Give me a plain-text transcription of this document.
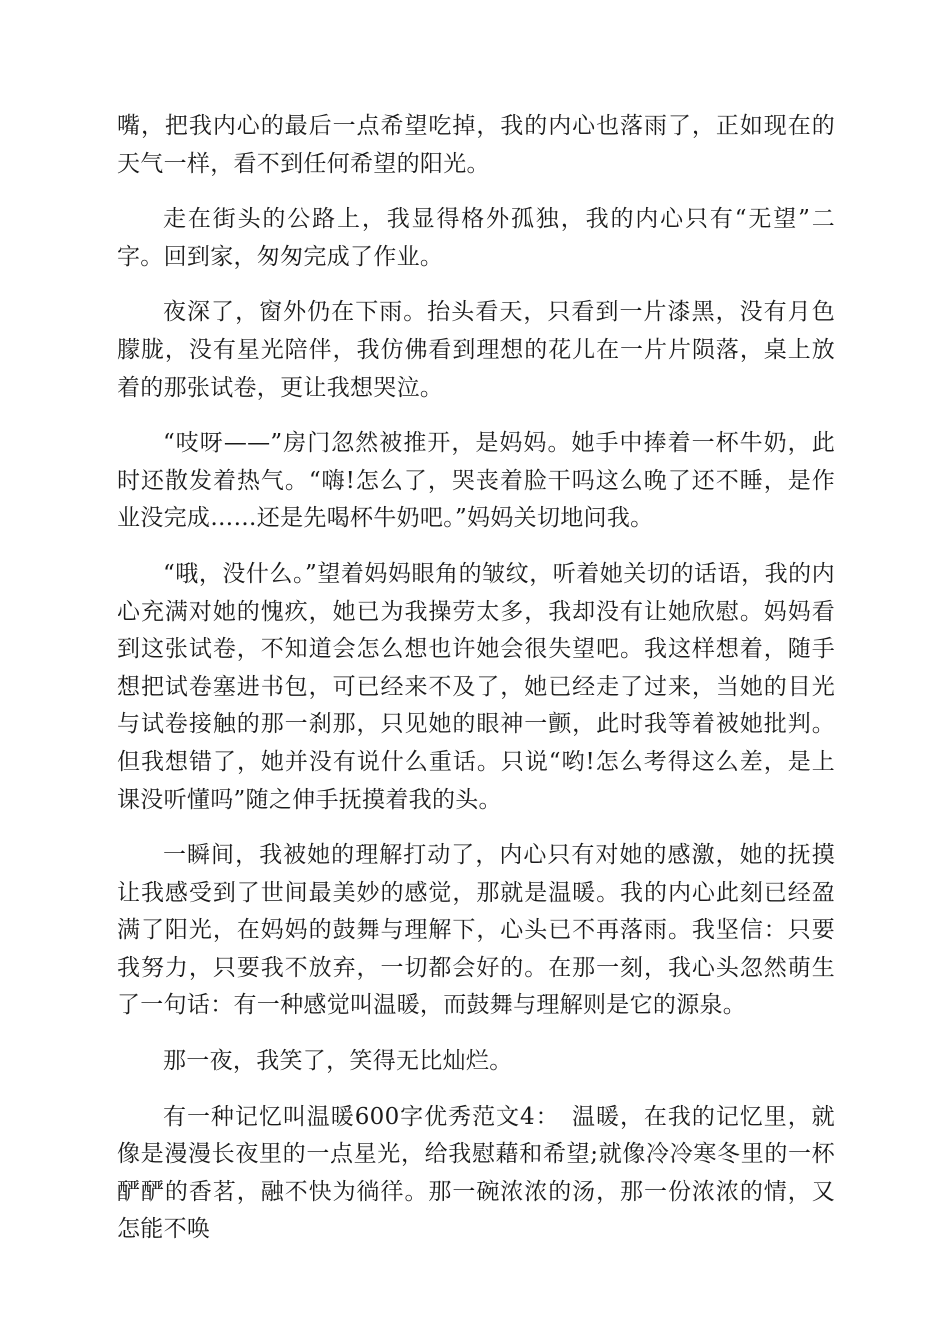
嘴，把我内心的最后一点希望吃掉，我的内心也落雨了，正如现在的天气一样，看不到任何希望的阳光。

走在街头的公路上，我显得格外孤独，我的内心只有“无望”二字。回到家，匆匆完成了作业。

夜深了，窗外仍在下雨。抬头看天，只看到一片漆黑，没有月色朦胧，没有星光陪伴，我仿佛看到理想的花儿在一片片陨落，桌上放着的那张试卷，更让我想哭泣。

“吱呀——”房门忽然被推开，是妈妈。她手中捧着一杯牛奶，此时还散发着热气。“嗨!怎么了，哭丧着脸干吗这么晚了还不睡，是作业没完成……还是先喝杯牛奶吧。”妈妈关切地问我。

“哦，没什么。”望着妈妈眼角的皱纹，听着她关切的话语，我的内心充满对她的愧疚，她已为我操劳太多，我却没有让她欣慰。妈妈看到这张试卷，不知道会怎么想也许她会很失望吧。我这样想着，随手想把试卷塞进书包，可已经来不及了，她已经走了过来，当她的目光与试卷接触的那一刹那，只见她的眼神一颤，此时我等着被她批判。但我想错了，她并没有说什么重话。只说“哟!怎么考得这么差，是上课没听懂吗”随之伸手抚摸着我的头。

一瞬间，我被她的理解打动了，内心只有对她的感激，她的抚摸让我感受到了世间最美妙的感觉，那就是温暖。我的内心此刻已经盈满了阳光，在妈妈的鼓舞与理解下，心头已不再落雨。我坚信：只要我努力，只要我不放弃，一切都会好的。在那一刻，我心头忽然萌生了一句话：有一种感觉叫温暖，而鼓舞与理解则是它的源泉。

那一夜，我笑了，笑得无比灿烂。

有一种记忆叫温暖600字优秀范文4：　温暖，在我的记忆里，就像是漫漫长夜里的一点星光，给我慰藉和希望;就像冷冷寒冬里的一杯酽酽的香茗，融不快为徜徉。那一碗浓浓的汤，那一份浓浓的情，又怎能不唤
